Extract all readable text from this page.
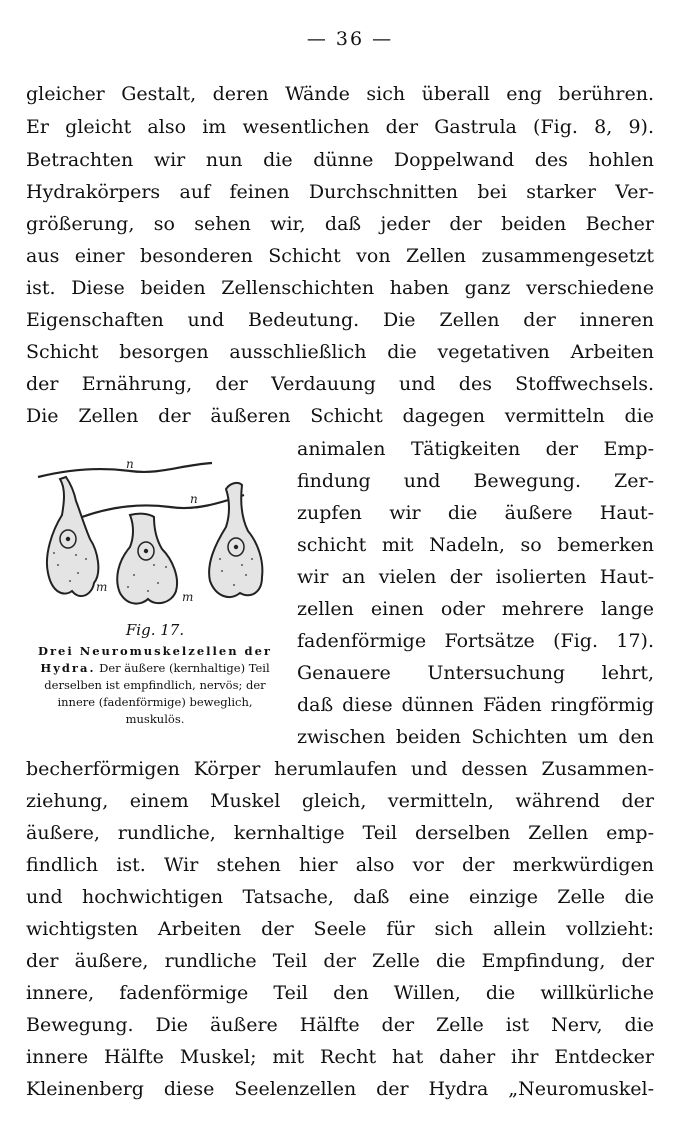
— 36 —
gleicher Gestalt, deren Wände sich überall eng berühren.
Er gleicht also im wesentlichen der Gastrula (Fig. 8, 9).
Betrachten wir nun die dünne Doppelwand des hohlen
Hydrakörpers auf feinen Durchschnitten bei starker Ver-
größerung, so sehen wir, daß jeder der beiden Becher
aus einer besonderen Schicht von Zellen zusammengesetzt
ist. Diese beiden Zellenschichten haben ganz verschiedene
Eigenschaften und Bedeutung. Die Zellen der inneren
Schicht besorgen ausschließlich die vegetativen Arbeiten
der Ernährung, der Verdauung und des Stoffwechsels.
Die Zellen der äußeren Schicht dagegen vermitteln die
animalen Tätigkeiten der Emp-
findung und Bewegung. Zer-
zupfen wir die äußere Haut-
schicht mit Nadeln, so bemerken
wir an vielen der isolierten Haut-
zellen einen oder mehrere lange
fadenförmige Fortsätze (Fig. 17).
Genauere Untersuchung lehrt,
daß diese dünnen Fäden ringförmig
zwischen beiden Schichten um den
n
n
m
m
Fig. 17.
Drei Neuromuskelzellen der Hydra. Der äußere (kernhaltige) Teil derselben ist empfindlich, nervös; der innere (fadenförmige) beweglich, muskulös.
becherförmigen Körper herumlaufen und dessen Zusammen-
ziehung, einem Muskel gleich, vermitteln, während der
äußere, rundliche, kernhaltige Teil derselben Zellen emp-
findlich ist. Wir stehen hier also vor der merkwürdigen
und hochwichtigen Tatsache, daß eine einzige Zelle die
wichtigsten Arbeiten der Seele für sich allein vollzieht:
der äußere, rundliche Teil der Zelle die Empfindung, der
innere, fadenförmige Teil den Willen, die willkürliche
Bewegung. Die äußere Hälfte der Zelle ist Nerv, die
innere Hälfte Muskel; mit Recht hat daher ihr Entdecker
Kleinenberg diese Seelenzellen der Hydra „Neuromuskel-
